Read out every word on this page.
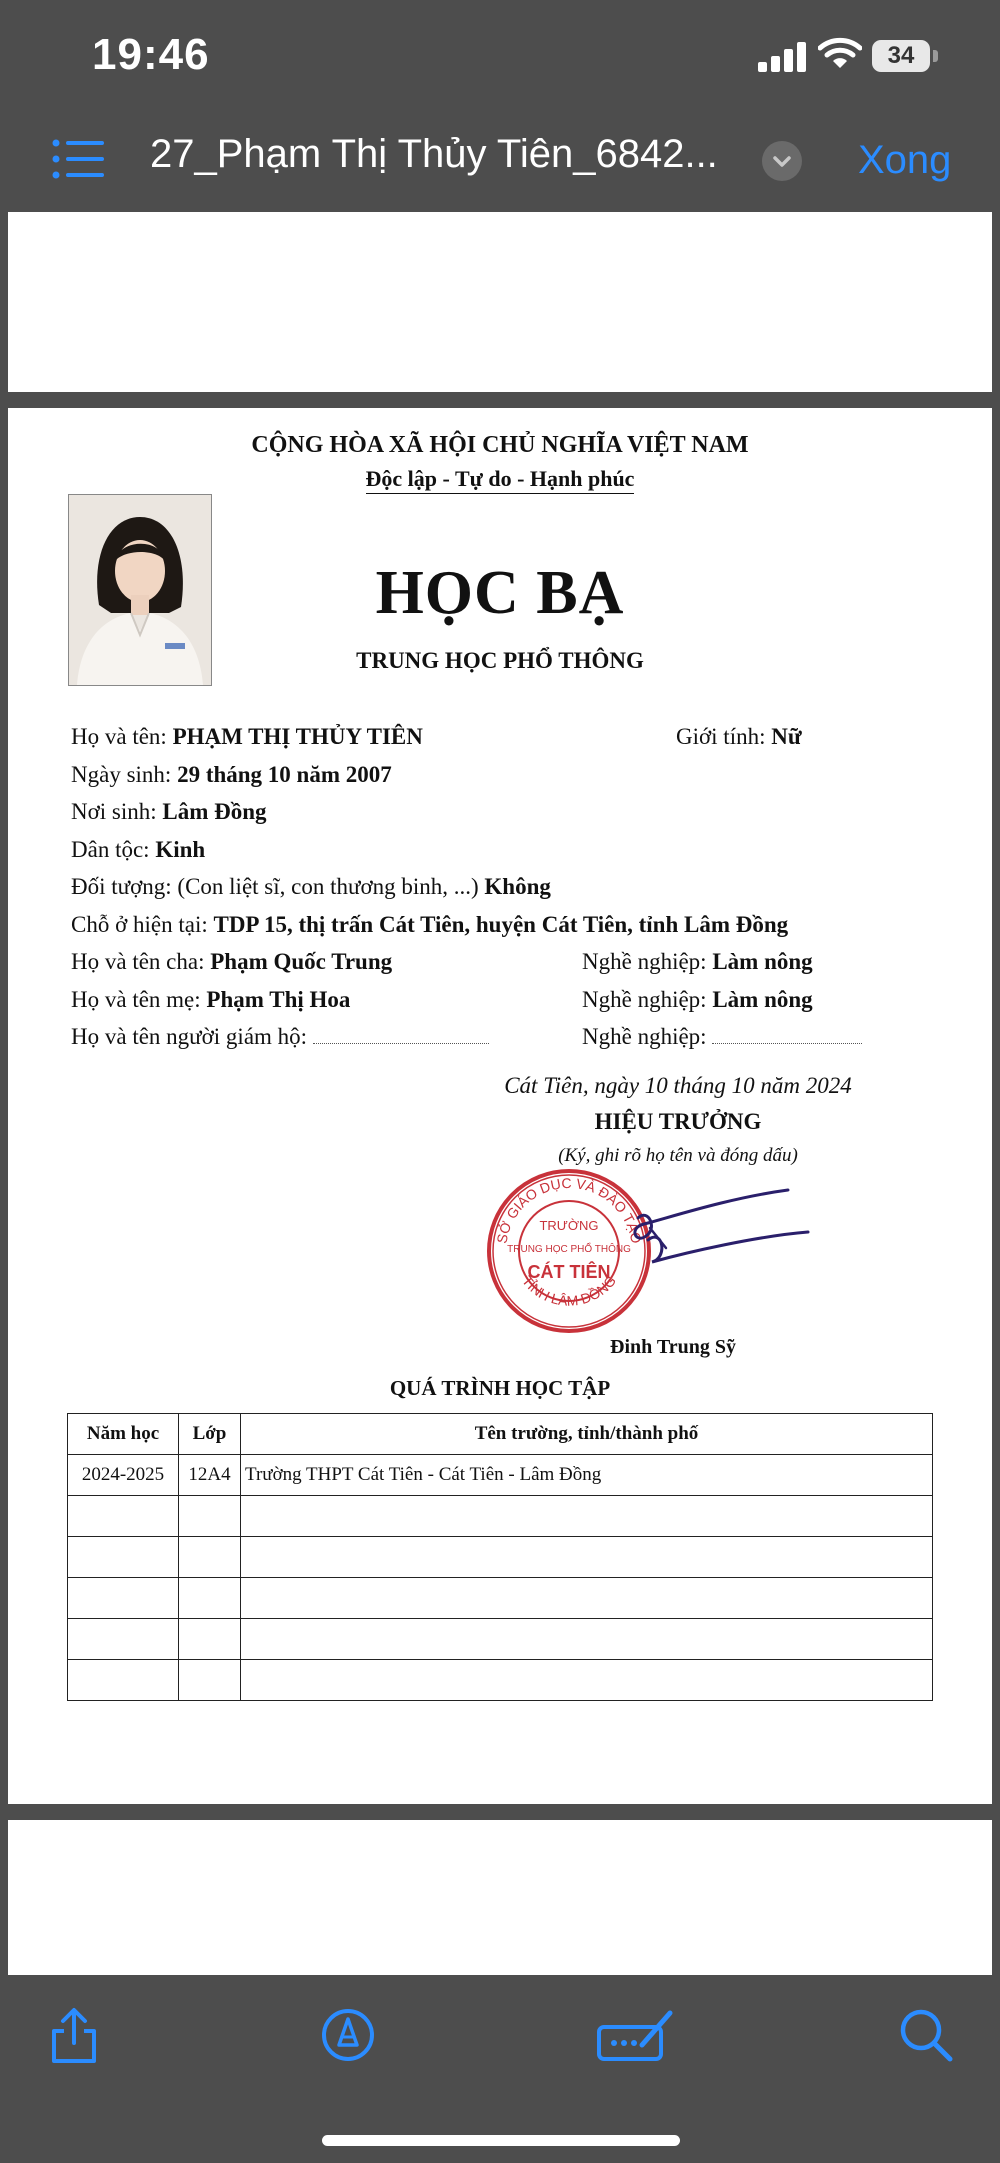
19:46	34
27_Phạm Thị Thủy Tiên_6842...	Xong
CỘNG HÒA XÃ HỘI CHỦ NGHĨA VIỆT NAM
Độc lập - Tự do - Hạnh phúc
HỌC BẠ
TRUNG HỌC PHỔ THÔNG
Họ và tên: PHẠM THỊ THỦY TIÊN	Giới tính: Nữ
Ngày sinh: 29 tháng 10 năm 2007
Nơi sinh: Lâm Đồng
Dân tộc: Kinh
Đối tượng: (Con liệt sĩ, con thương binh, ...) Không
Chỗ ở hiện tại: TDP 15, thị trấn Cát Tiên, huyện Cát Tiên, tỉnh Lâm Đồng
Họ và tên cha: Phạm Quốc Trung	Nghề nghiệp: Làm nông
Họ và tên mẹ: Phạm Thị Hoa	Nghề nghiệp: Làm nông
Họ và tên người giám hộ:	Nghề nghiệp:
Cát Tiên, ngày 10 tháng 10 năm 2024
HIỆU TRƯỞNG
(Ký, ghi rõ họ tên và đóng dấu)
SỞ GIÁO DỤC VÀ ĐÀO TẠO
TỈNH LÂM ĐỒNG
TRƯỜNG
TRUNG HỌC PHỔ THÔNG
CÁT TIÊN
Đinh Trung Sỹ
QUÁ TRÌNH HỌC TẬP
Năm học	Lớp	Tên trường, tỉnh/thành phố
2024-2025	12A4	Trường THPT Cát Tiên - Cát Tiên - Lâm Đồng
